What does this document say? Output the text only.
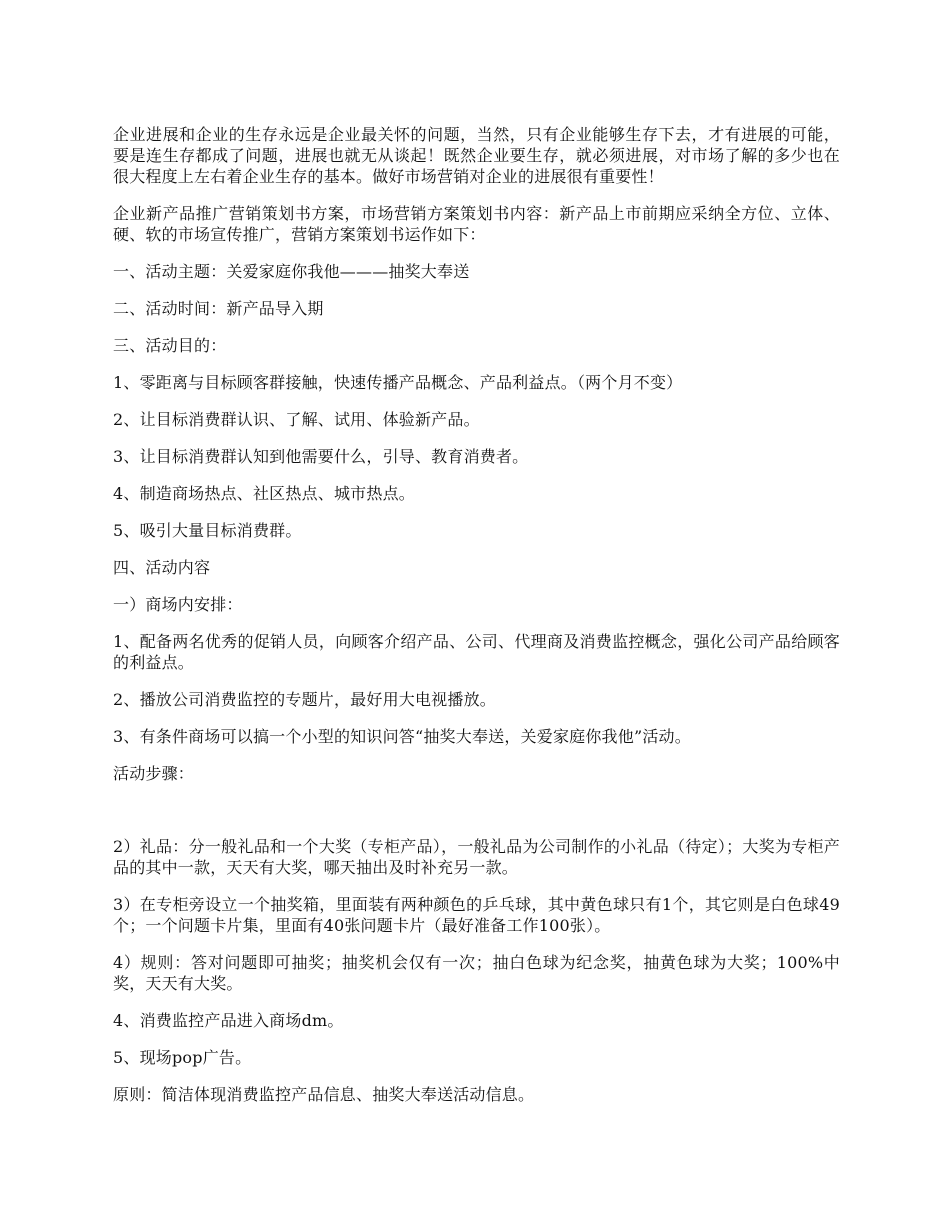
企业进展和企业的生存永远是企业最关怀的问题，当然，只有企业能够生存下去，才有进展的可能，要是连生存都成了问题，进展也就无从谈起！既然企业要生存，就必须进展，对市场了解的多少也在很大程度上左右着企业生存的基本。做好市场营销对企业的进展很有重要性！

企业新产品推广营销策划书方案，市场营销方案策划书内容：新产品上市前期应采纳全方位、立体、硬、软的市场宣传推广，营销方案策划书运作如下：

一、活动主题：关爱家庭你我他———抽奖大奉送

二、活动时间：新产品导入期

三、活动目的：

1、零距离与目标顾客群接触，快速传播产品概念、产品利益点。（两个月不变）

2、让目标消费群认识、了解、试用、体验新产品。

3、让目标消费群认知到他需要什么，引导、教育消费者。

4、制造商场热点、社区热点、城市热点。

5、吸引大量目标消费群。

四、活动内容

一）商场内安排：

1、配备两名优秀的促销人员，向顾客介绍产品、公司、代理商及消费监控概念，强化公司产品给顾客的利益点。

2、播放公司消费监控的专题片，最好用大电视播放。

3、有条件商场可以搞一个小型的知识问答“抽奖大奉送，关爱家庭你我他”活动。

活动步骤：

2）礼品：分一般礼品和一个大奖（专柜产品），一般礼品为公司制作的小礼品（待定）；大奖为专柜产品的其中一款，天天有大奖，哪天抽出及时补充另一款。

3）在专柜旁设立一个抽奖箱，里面装有两种颜色的乒乓球，其中黄色球只有1个，其它则是白色球49个；一个问题卡片集，里面有40张问题卡片（最好准备工作100张）。

4）规则：答对问题即可抽奖；抽奖机会仅有一次；抽白色球为纪念奖，抽黄色球为大奖；100%中奖，天天有大奖。

4、消费监控产品进入商场dm。

5、现场pop广告。

原则：简洁体现消费监控产品信息、抽奖大奉送活动信息。
